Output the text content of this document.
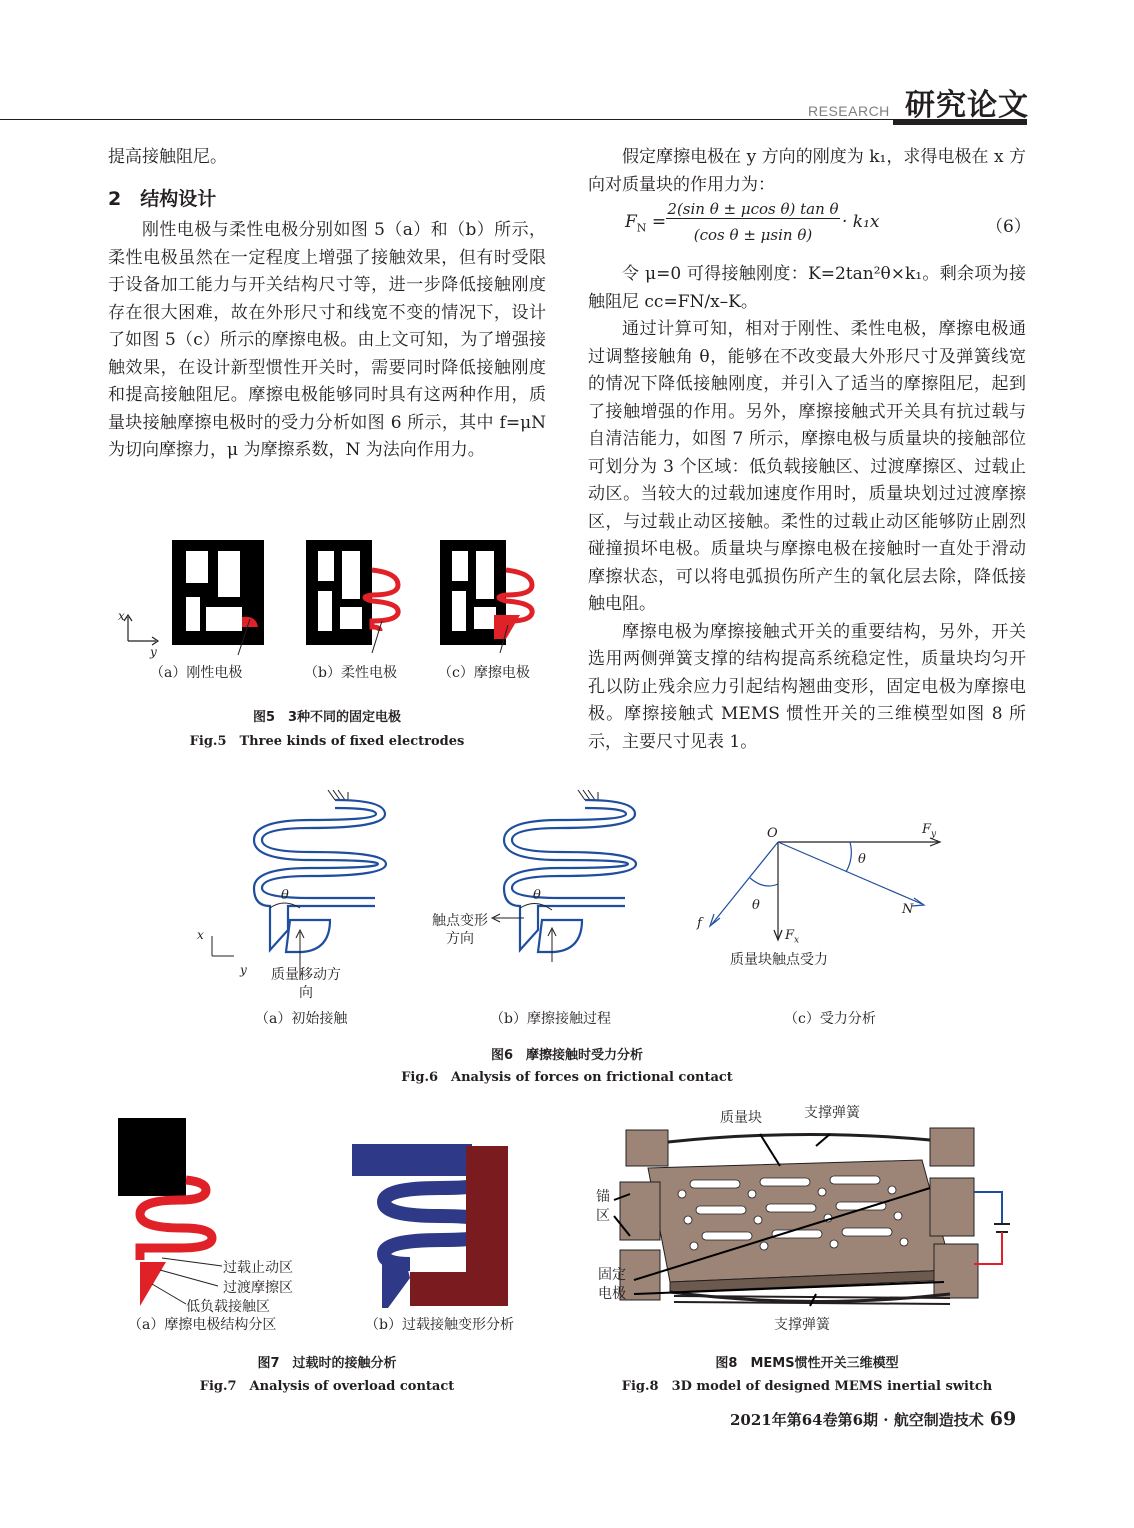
RESEARCH 研究论文

提高接触阻尼。

2　结构设计

刚性电极与柔性电极分别如图 5（a）和（b）所示，柔性电极虽然在一定程度上增强了接触效果，但有时受限于设备加工能力与开关结构尺寸等，进一步降低接触刚度存在很大困难，故在外形尺寸和线宽不变的情况下，设计了如图 5（c）所示的摩擦电极。由上文可知，为了增强接触效果，在设计新型惯性开关时，需要同时降低接触刚度和提高接触阻尼。摩擦电极能够同时具有这两种作用，质量块接触摩擦电极时的受力分析如图 6 所示，其中 f=μN 为切向摩擦力，μ 为摩擦系数，N 为法向作用力。

假定摩擦电极在 y 方向的刚度为 k₁，求得电极在 x 方向对质量块的作用力为：

令 μ=0 可得接触刚度：K=2tan²θ×k₁。剩余项为接触阻尼 cc=FN/x–K。

通过计算可知，相对于刚性、柔性电极，摩擦电极通过调整接触角 θ，能够在不改变最大外形尺寸及弹簧线宽的情况下降低接触刚度，并引入了适当的摩擦阻尼，起到了接触增强的作用。另外，摩擦接触式开关具有抗过载与自清洁能力，如图 7 所示，摩擦电极与质量块的接触部位可划分为 3 个区域：低负载接触区、过渡摩擦区、过载止动区。当较大的过载加速度作用时，质量块划过过渡摩擦区，与过载止动区接触。柔性的过载止动区能够防止剧烈碰撞损坏电极。质量块与摩擦电极在接触时一直处于滑动摩擦状态，可以将电弧损伤所产生的氧化层去除，降低接触电阻。

摩擦电极为摩擦接触式开关的重要结构，另外，开关选用两侧弹簧支撑的结构提高系统稳定性，质量块均匀开孔以防止残余应力引起结构翘曲变形，固定电极为摩擦电极。摩擦接触式 MEMS 惯性开关的三维模型如图 8 所示，主要尺寸见表 1。

$F_N$ =
2(sin θ ± μcos θ) tan θ
(cos θ ± μsin θ)
· k₁x	（6）
x
y
（a）刚性电极	（b）柔性电极	（c）摩擦电极
图5　3种不同的固定电极
Fig.5　Three kinds of fixed electrodes
x
y
θ	θ
质量移动方向
触点变形方向
O	$F_y$
$F_x$
f
N
θ
θ
质量块触点受力
（a）初始接触	（b）摩擦接触过程	（c）受力分析
图6　摩擦接触时受力分析
Fig.6　Analysis of forces on frictional contact
过载止动区
过渡摩擦区
低负载接触区
（a）摩擦电极结构分区	（b）过载接触变形分析
图7　过载时的接触分析
Fig.7　Analysis of overload contact
质量块	支撑弹簧
锚区
固定电极
支撑弹簧
图8　MEMS惯性开关三维模型
Fig.8　3D model of designed MEMS inertial switch
2021年第64卷第6期 · 航空制造技术 69
